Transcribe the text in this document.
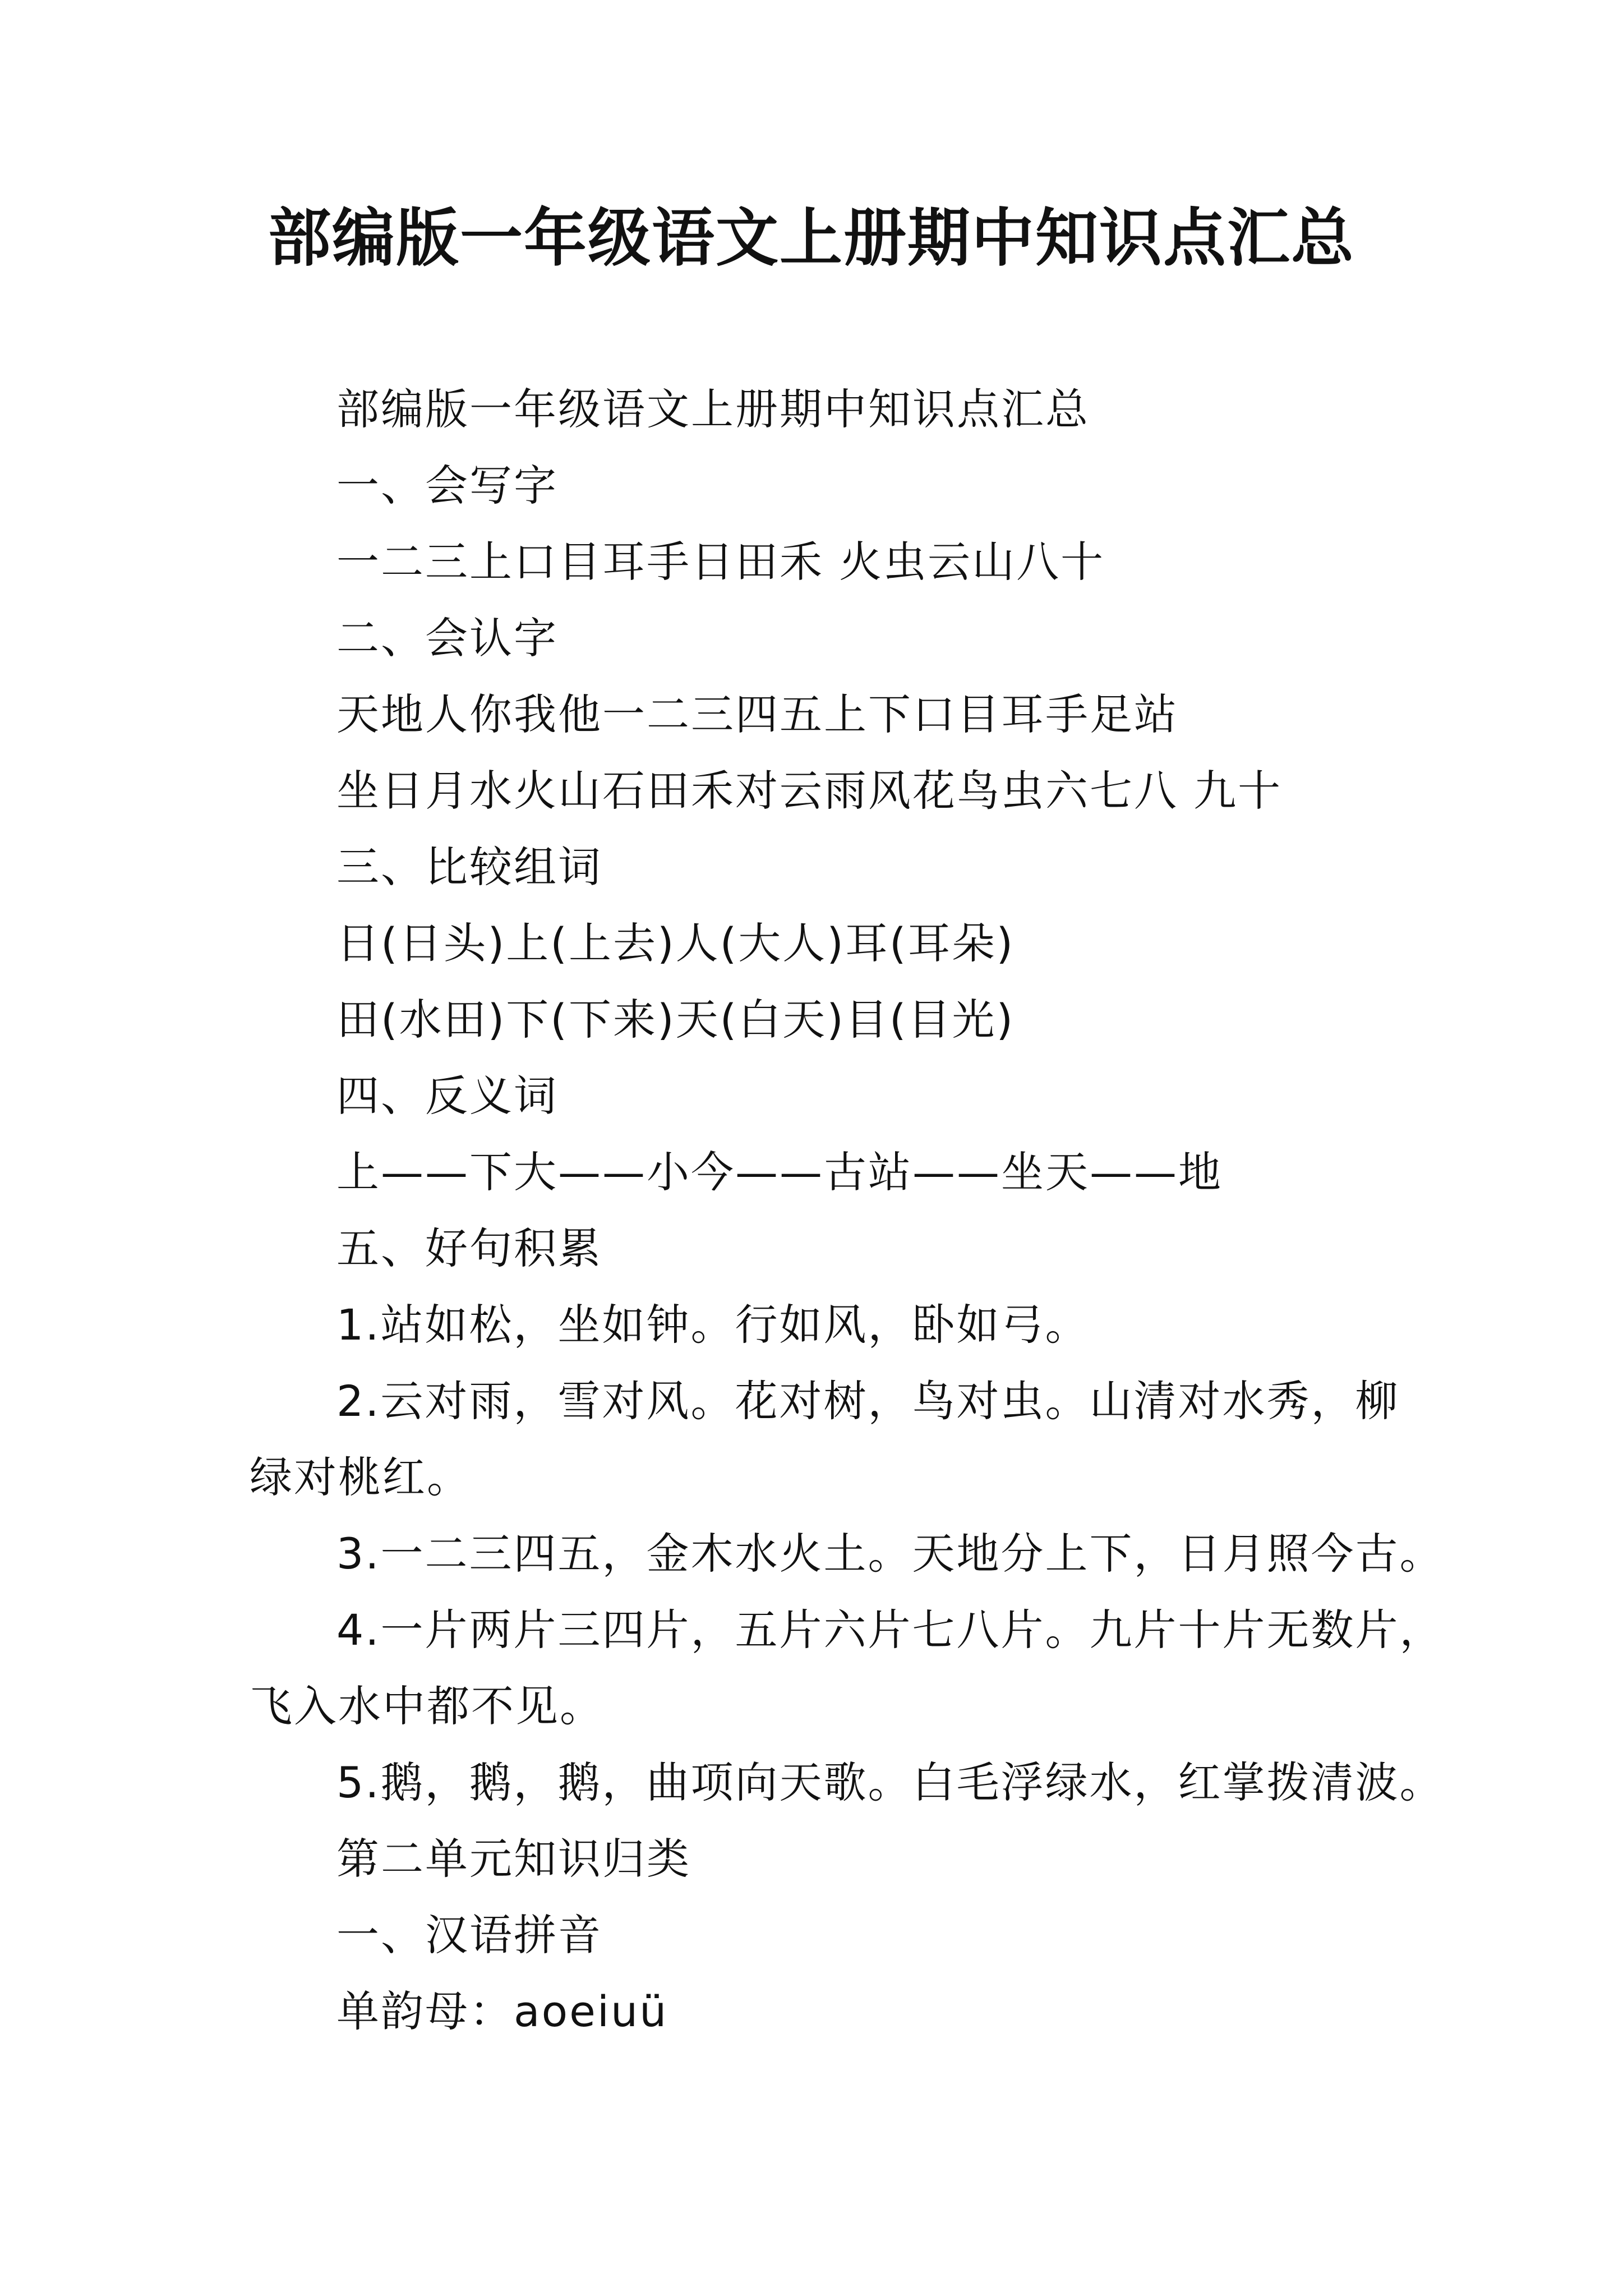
部编版一年级语文上册期中知识点汇总
部编版一年级语文上册期中知识点汇总
一、会写字
一二三上口目耳手日田禾 火虫云山八十
二、会认字
天地人你我他一二三四五上下口目耳手足站
坐日月水火山石田禾对云雨风花鸟虫六七八 九十
三、比较组词
日(日头)上(上去)人(大人)耳(耳朵)
田(水田)下(下来)天(白天)目(目光)
四、反义词
上——下大——小今——古站——坐天——地
五、好句积累
1.站如松，坐如钟。行如风，卧如弓。
2.云对雨，雪对风。花对树，鸟对虫。山清对水秀，柳
绿对桃红。
3.一二三四五，金木水火土。天地分上下，日月照今古。
4.一片两片三四片，五片六片七八片。九片十片无数片，
飞入水中都不见。
5.鹅，鹅，鹅，曲项向天歌。白毛浮绿水，红掌拨清波。
第二单元知识归类
一、汉语拼音
单韵母：aoeiuü
